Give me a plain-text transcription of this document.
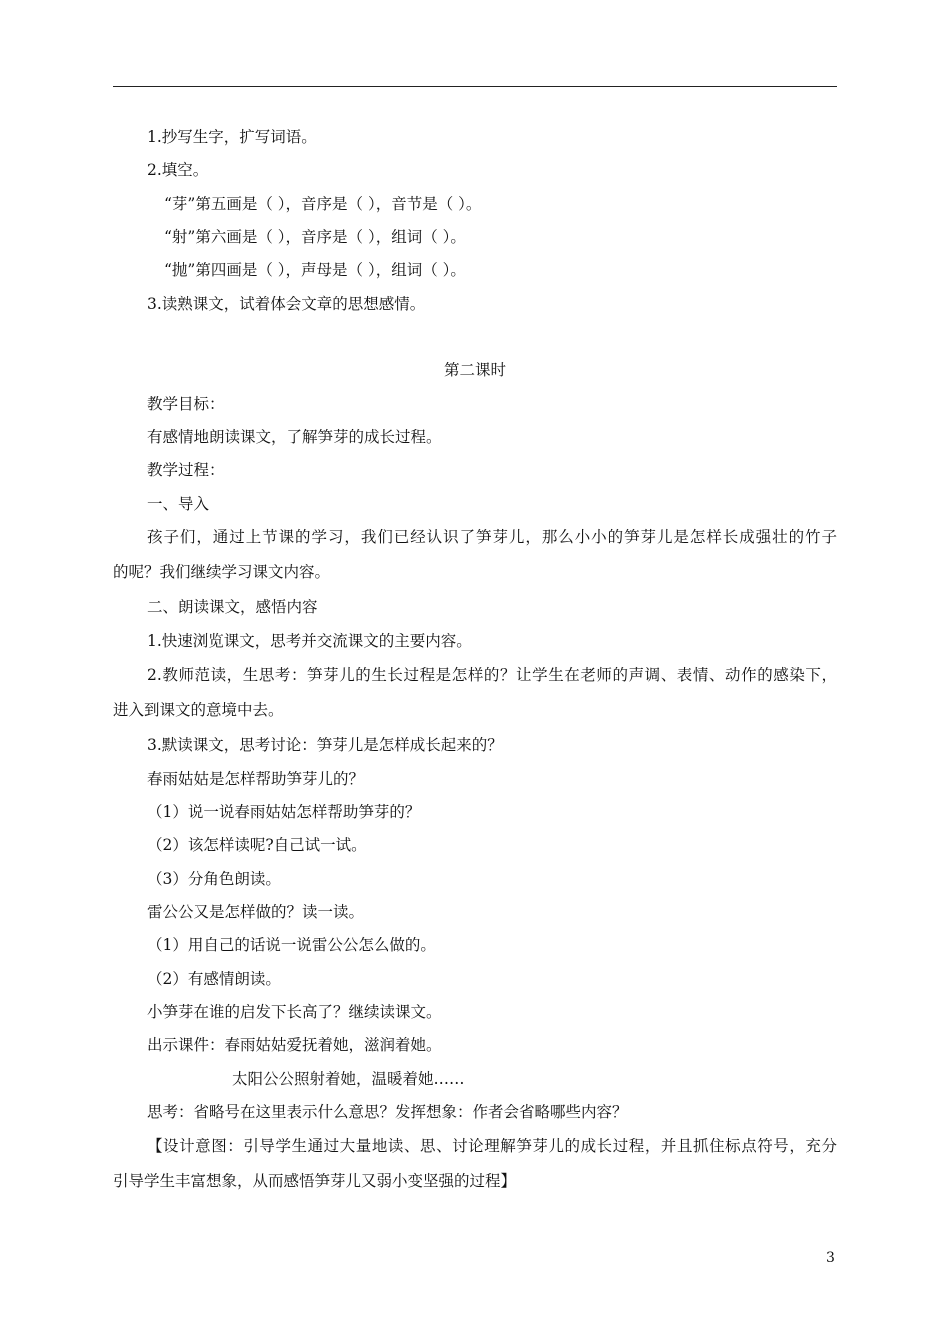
1.抄写生字，扩写词语。
2.填空。
“芽”第五画是（ ），音序是（ ），音节是（ ）。
“射”第六画是（ ），音序是（ ），组词（ ）。
“抛”第四画是（ ），声母是（ ），组词（ ）。
3.读熟课文，试着体会文章的思想感情。
第二课时
教学目标：
有感情地朗读课文，了解笋芽的成长过程。
教学过程：
一、导入
孩子们，通过上节课的学习，我们已经认识了笋芽儿，那么小小的笋芽儿是怎样长成强壮的竹子
的呢？我们继续学习课文内容。
二、朗读课文，感悟内容
1.快速浏览课文，思考并交流课文的主要内容。
2.教师范读，生思考：笋芽儿的生长过程是怎样的？让学生在老师的声调、表情、动作的感染下，
进入到课文的意境中去。
3.默读课文，思考讨论：笋芽儿是怎样成长起来的？
春雨姑姑是怎样帮助笋芽儿的？
（1）说一说春雨姑姑怎样帮助笋芽的？
（2）该怎样读呢?自己试一试。
（3）分角色朗读。
雷公公又是怎样做的？读一读。
（1）用自己的话说一说雷公公怎么做的。
（2）有感情朗读。
小笋芽在谁的启发下长高了？继续读课文。
出示课件：春雨姑姑爱抚着她，滋润着她。
太阳公公照射着她，温暖着她……
思考：省略号在这里表示什么意思？发挥想象：作者会省略哪些内容？
【设计意图：引导学生通过大量地读、思、讨论理解笋芽儿的成长过程，并且抓住标点符号，充分
引导学生丰富想象，从而感悟笋芽儿又弱小变坚强的过程】
3
